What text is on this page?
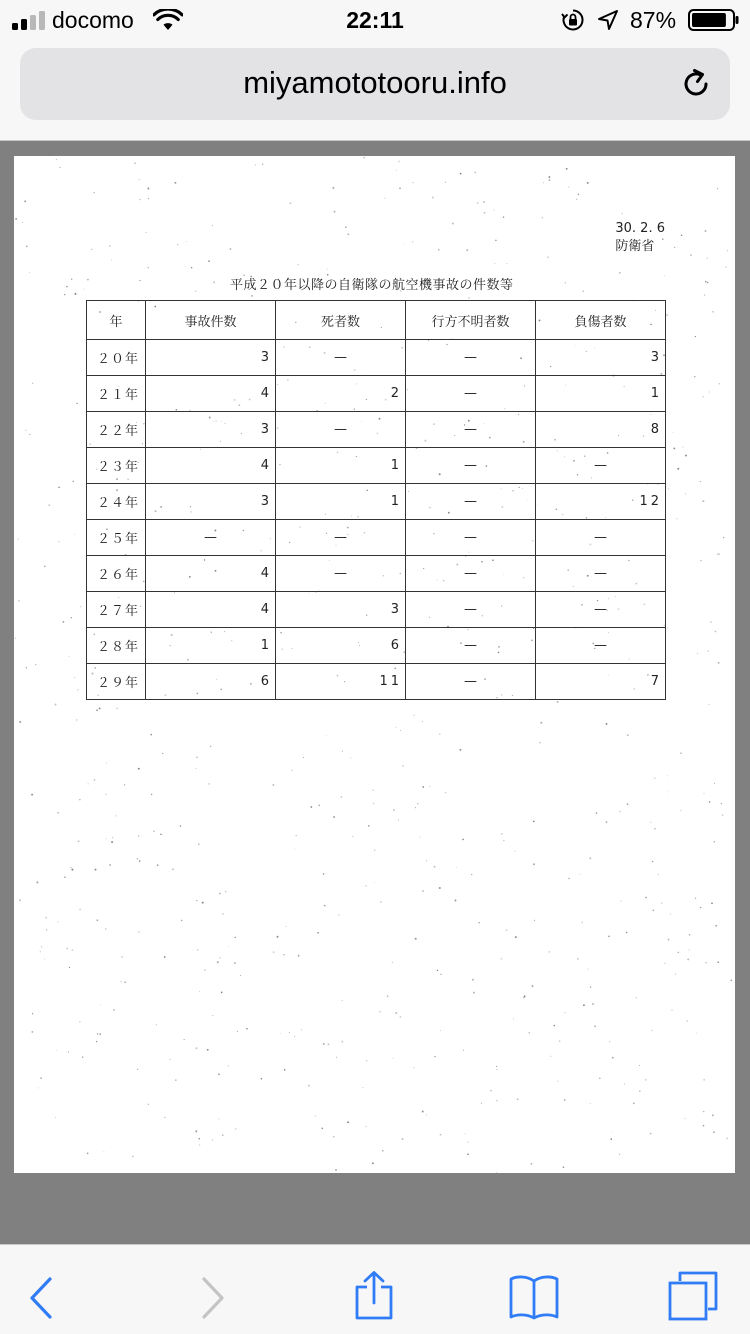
docomo	22:11	87%
miyamototooru.info
30. 2. 6
防衛省
平成２０年以降の自衛隊の航空機事故の件数等
年	事故件数	死者数	行方不明者数	負傷者数
２０年	3	—	—	3
２１年	4	2	—	1
２２年	3	—	—	8
２３年	4	1	—	—
２４年	3	1	—	12
２５年	—	—	—	—
２６年	4	—	—	—
２７年	4	3	—	—
２８年	1	6	—	—
２９年	6	11	—	7
